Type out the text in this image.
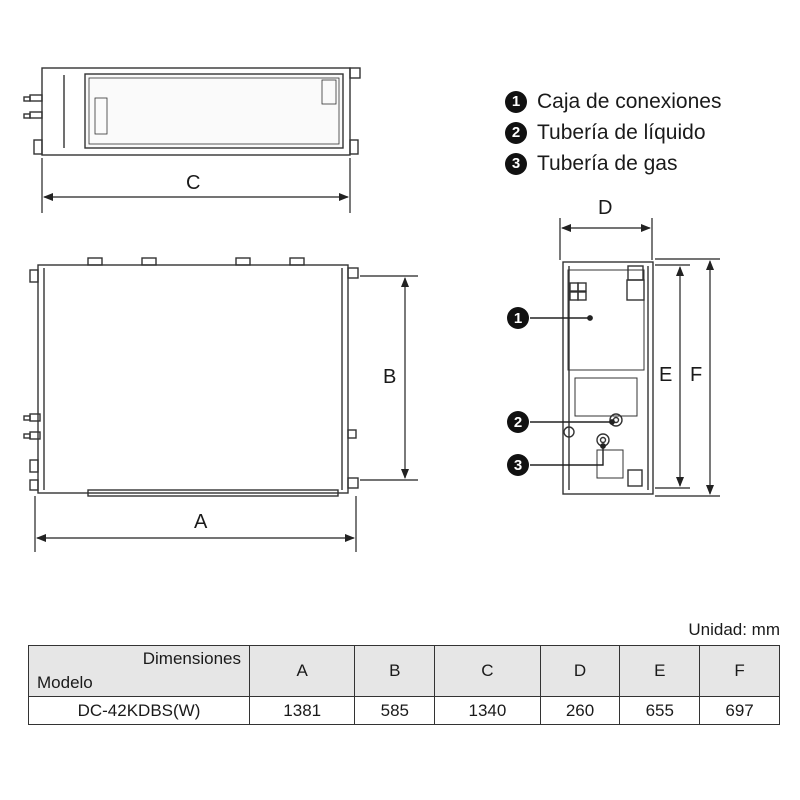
1 Caja de conexiones
2 Tubería de líquido
3 Tubería de gas
C
B
A
D
E F
1
2
3
Unidad: mm
Dimensiones
Modelo	A	B	C	D	E	F
DC-42KDBS(W)	1381	585	1340	260	655	697
